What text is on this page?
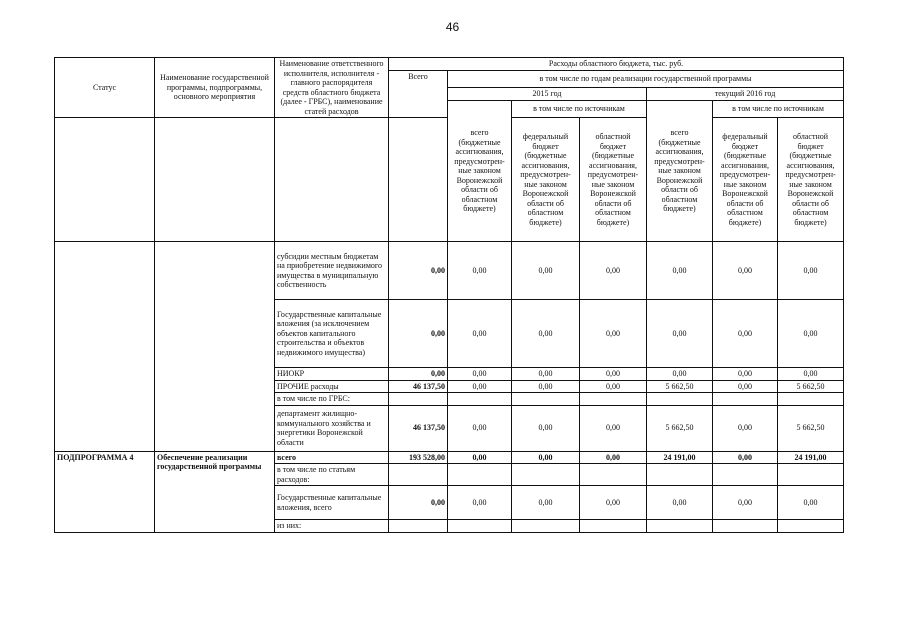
46
Статус	Наименование государственной программы, подпрограммы, основного мероприятия	Наименование ответственного исполнителя, исполнителя - главного распорядителя средств областного бюджета (далее - ГРБС), наименование статей расходов	Расходы областного бюджета, тыс. руб.						
			Всего	в том числе по годам реализации государственной программы					
				2015 год			текущий 2016 год		
				всего (бюджетные ассигнования, предусмотрен-ные законом Воронежской области об областном бюджете)	в том числе по источникам		всего (бюджетные ассигнования, предусмотрен-ные законом Воронежской области об областном бюджете)	в том числе по источникам	
					федеральный бюджет (бюджетные ассигнования, предусмотрен-ные законом Воронежской области об областном бюджете)	областной бюджет (бюджетные ассигнования, предусмотрен-ные законом Воронежской области об областном бюджете)		федеральный бюджет (бюджетные ассигнования, предусмотрен-ные законом Воронежской области об областном бюджете)	областной бюджет (бюджетные ассигнования, предусмотрен-ные законом Воронежской области об областном бюджете)
		субсидии местным бюджетам на приобретение недвижимого имущества в муниципальную собственность	0,00	0,00	0,00	0,00	0,00	0,00	0,00
		Государственные капитальные вложения (за исключением объектов капитального строительства и объектов недвижимого имущества)	0,00	0,00	0,00	0,00	0,00	0,00	0,00
		НИОКР	0,00	0,00	0,00	0,00	0,00	0,00	0,00
		ПРОЧИЕ расходы	46 137,50	0,00	0,00	0,00	5 662,50	0,00	5 662,50
		в том числе по ГРБС:							
		департамент жилищно-коммунального хозяйства и энергетики Воронежской области	46 137,50	0,00	0,00	0,00	5 662,50	0,00	5 662,50
ПОДПРОГРАММА 4	Обеспечение реализации государственной программы	всего	193 528,00	0,00	0,00	0,00	24 191,00	0,00	24 191,00
		в том числе по статьям расходов:							
		Государственные капитальные вложения, всего	0,00	0,00	0,00	0,00	0,00	0,00	0,00
		из них:							
